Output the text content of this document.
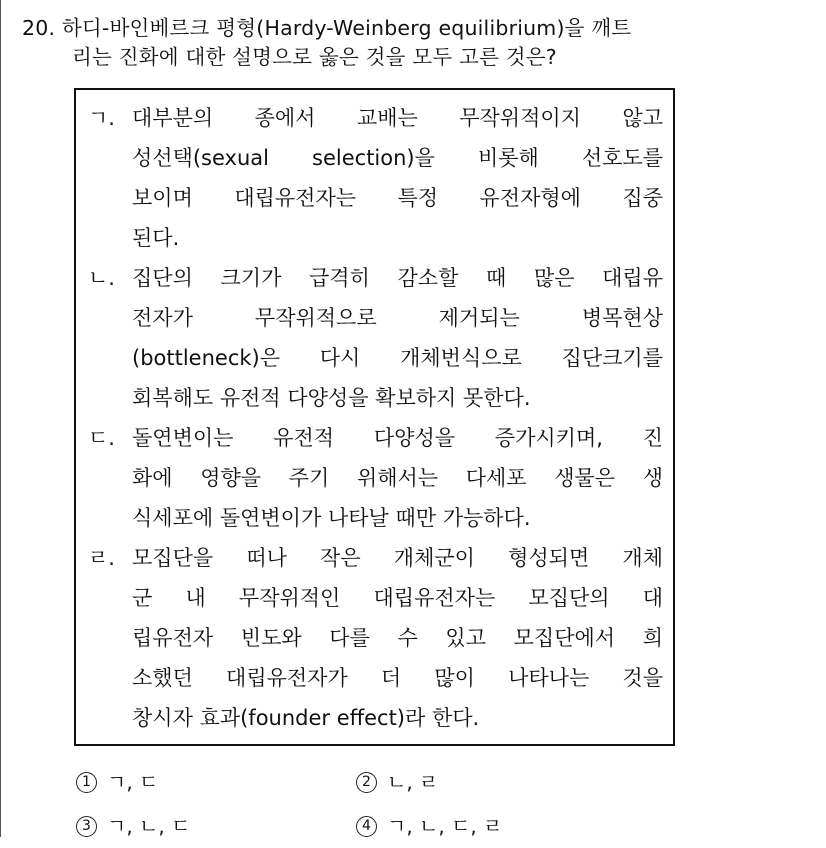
20. 하디-바인베르크 평형(Hardy-Weinberg equilibrium)을 깨트
리는 진화에 대한 설명으로 옳은 것을 모두 고른 것은?
ㄱ. 대부분의 종에서 교배는 무작위적이지 않고
성선택(sexual selection)을 비롯해 선호도를
보이며 대립유전자는 특정 유전자형에 집중
된다.
ㄴ. 집단의 크기가 급격히 감소할 때 많은 대립유
전자가 무작위적으로 제거되는 병목현상
(bottleneck)은 다시 개체번식으로 집단크기를
회복해도 유전적 다양성을 확보하지 못한다.
ㄷ. 돌연변이는 유전적 다양성을 증가시키며, 진
화에 영향을 주기 위해서는 다세포 생물은 생
식세포에 돌연변이가 나타날 때만 가능하다.
ㄹ. 모집단을 떠나 작은 개체군이 형성되면 개체
군 내 무작위적인 대립유전자는 모집단의 대
립유전자 빈도와 다를 수 있고 모집단에서 희
소했던 대립유전자가 더 많이 나타나는 것을
창시자 효과(founder effect)라 한다.
1 ㄱ, ㄷ	2 ㄴ, ㄹ
3 ㄱ, ㄴ, ㄷ	4 ㄱ, ㄴ, ㄷ, ㄹ
